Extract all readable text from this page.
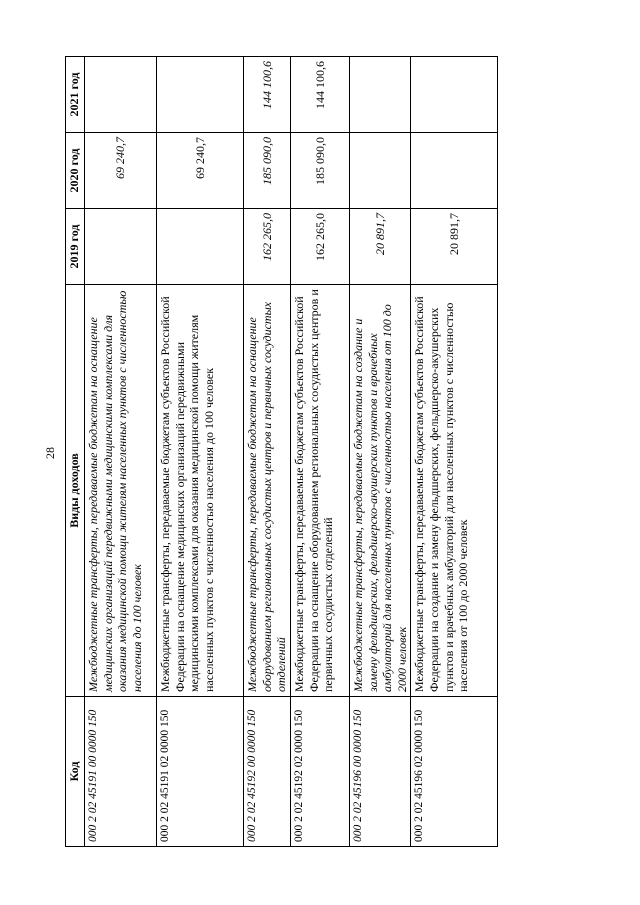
28
Код	Виды доходов	2019 год	2020 год	2021 год
000 2 02 45191 00 0000 150	Межбюджетные трансферты, передаваемые бюджетам на оснащение медицинских организаций передвижными медицинскими комплексами для оказания медицинской помощи жителям населенных пунктов с численностью населения до 100 человек		69 240,7	
000 2 02 45191 02 0000 150	Межбюджетные трансферты, передаваемые бюджетам субъектов Российской Федерации на оснащение медицинских организаций передвижными медицинскими комплексами для оказания медицинской помощи жителям населенных пунктов с численностью населения до 100 человек		69 240,7	
000 2 02 45192 00 0000 150	Межбюджетные трансферты, передаваемые бюджетам на оснащение оборудованием региональных сосудистых центров и первичных сосудистых отделений	162 265,0	185 090,0	144 100,6
000 2 02 45192 02 0000 150	Межбюджетные трансферты, передаваемые бюджетам субъектов Российской Федерации на оснащение оборудованием региональных сосудистых центров и первичных сосудистых отделений	162 265,0	185 090,0	144 100,6
000 2 02 45196 00 0000 150	Межбюджетные трансферты, передаваемые бюджетам на создание и замену фельдшерских, фельдшерско-акушерских пунктов и врачебных амбулаторий для населенных пунктов с численностью населения от 100 до 2000 человек	20 891,7		
000 2 02 45196 02 0000 150	Межбюджетные трансферты, передаваемые бюджетам субъектов Российской Федерации на создание и замену фельдшерских, фельдшерско-акушерских пунктов и врачебных амбулаторий для населенных пунктов с численностью населения от 100 до 2000 человек	20 891,7		
